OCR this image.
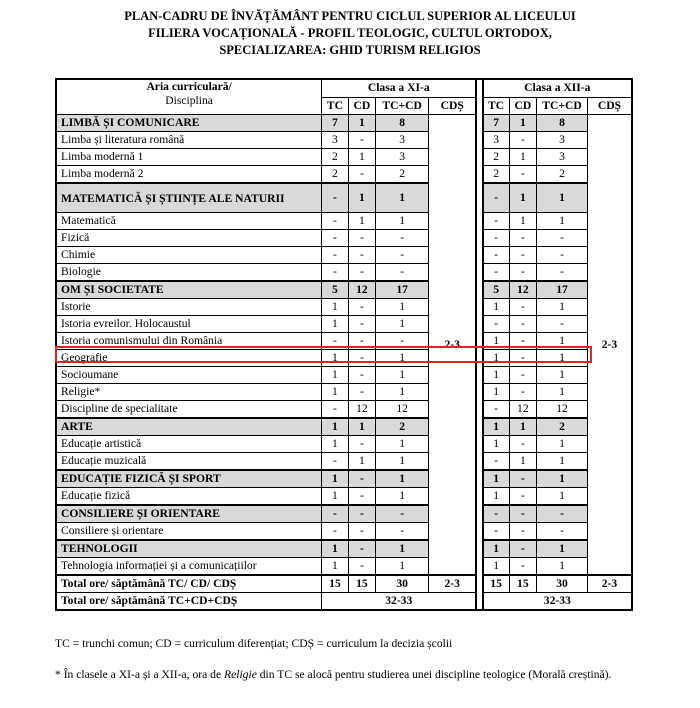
PLAN-CADRU DE ÎNVĂȚĂMÂNT PENTRU CICLUL SUPERIOR AL LICEULUI
FILIERA VOCAȚIONALĂ - PROFIL TEOLOGIC, CULTUL ORTODOX,
SPECIALIZAREA: GHID TURISM RELIGIOS
Aria curriculară/
Disciplina	Clasa a XI-a					Clasa a XII-a			
	TC	CD	TC+CD	CDȘ		TC	CD	TC+CD	CDȘ
LIMBĂ ȘI COMUNICARE	7	1	8	2-3		7	1	8	2-3
Limba și literatura română	3	-	3			3	-	3	
Limba modernă 1	2	1	3			2	1	3	
Limba modernă 2	2	-	2			2	-	2	
MATEMATICĂ ȘI ȘTIINȚE ALE NATURII	-	1	1			-	1	1	
Matematică	-	1	1			-	1	1	
Fizică	-	-	-			-	-	-	
Chimie	-	-	-			-	-	-	
Biologie	-	-	-			-	-	-	
OM ȘI SOCIETATE	5	12	17			5	12	17	
Istorie	1	-	1			1	-	1	
Istoria evreilor. Holocaustul	1	-	1			-	-	-	
Istoria comunismului din România	-	-	-			1	-	1	
Geografie	1	-	1			1	-	1	
Socioumane	1	-	1			1	-	1	
Religie*	1	-	1			1	-	1	
Discipline de specialitate	-	12	12			-	12	12	
ARTE	1	1	2			1	1	2	
Educație artistică	1	-	1			1	-	1	
Educație muzicală	-	1	1			-	1	1	
EDUCAȚIE FIZICĂ ȘI SPORT	1	-	1			1	-	1	
Educație fizică	1	-	1			1	-	1	
CONSILIERE ȘI ORIENTARE	-	-	-			-	-	-	
Consiliere și orientare	-	-	-			-	-	-	
TEHNOLOGII	1	-	1			1	-	1	
Tehnologia informației și a comunicațiilor	1	-	1			1	-	1	
Total ore/ săptămână TC/ CD/ CDȘ	15	15	30	2-3		15	15	30	2-3
Total ore/ săptămână TC+CD+CDȘ	32-33					32-33			
TC = trunchi comun; CD = curriculum diferențiat; CDȘ = curriculum la decizia școlii
* În clasele a XI-a și a XII-a, ora de Religie din TC se alocă pentru studierea unei discipline teologice (Morală creștină).
